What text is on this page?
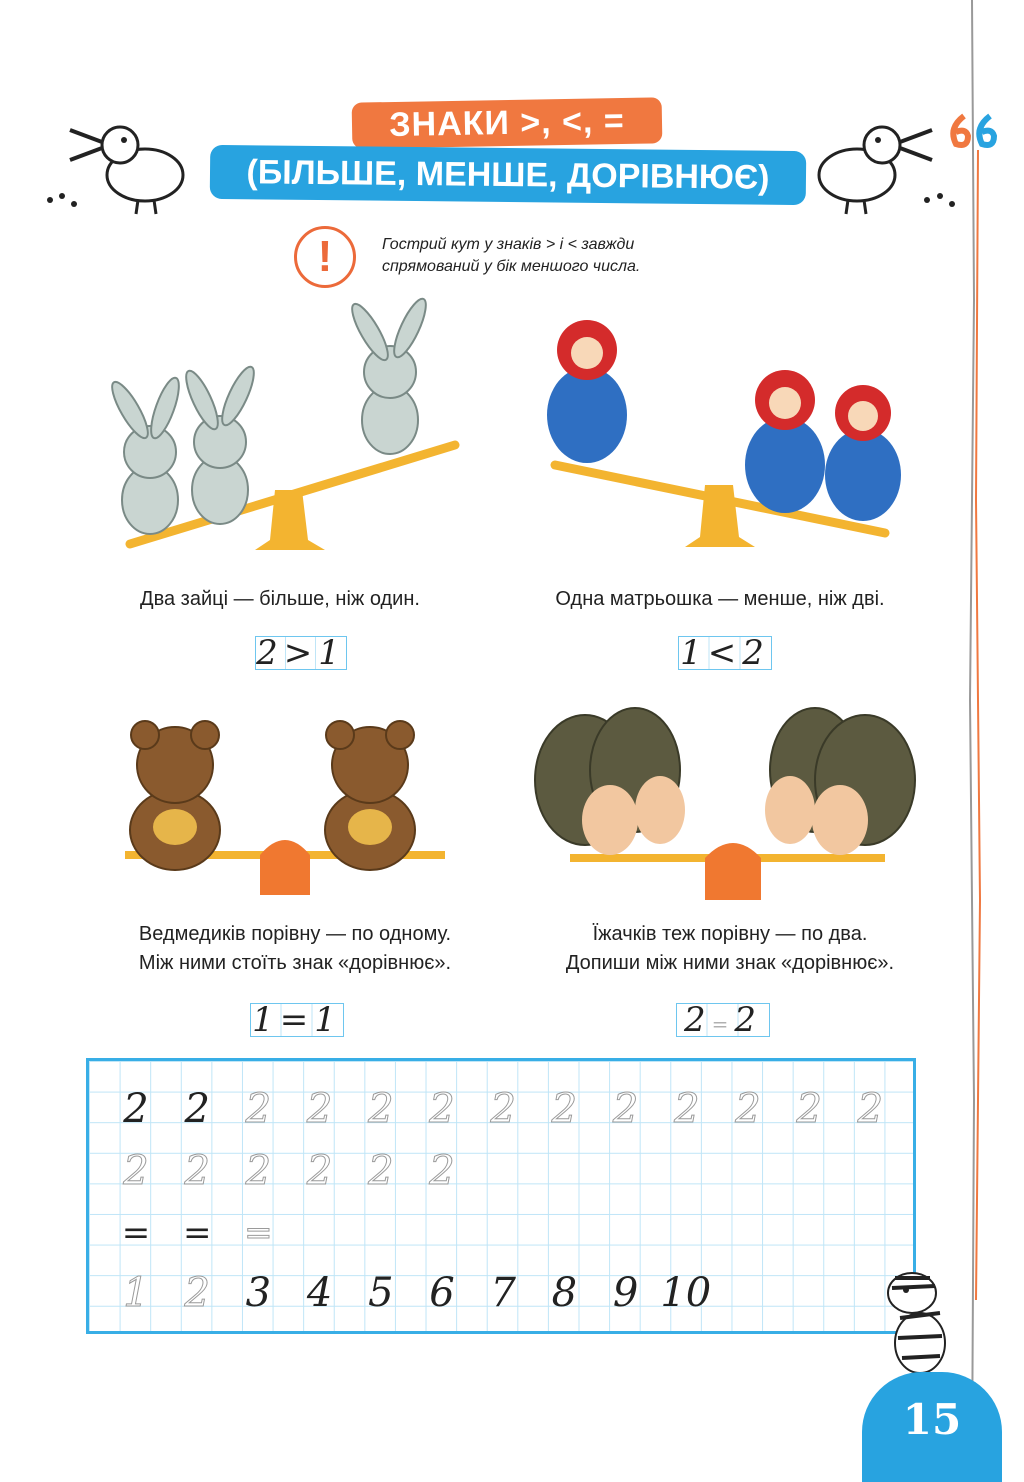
ЗНАКИ >, <, =
(БІЛЬШЕ, МЕНШЕ, ДОРІВНЮЄ)
!	Гострий кут у знаків > і < завжди
спрямований у бік меншого числа.
Два зайці — більше, ніж один.	Одна матрьошка — менше, ніж дві.
2>1	1<2
Ведмедиків порівну — по одному.
Між ними стоїть знак «дорівнює».
Їжачків теж порівну — по два.
Допиши між ними знак «дорівнює».
1=1	2=2
2 2 2 2 2 2 2 2 2 2 2 2 2
2 2 2 2 2 2
= = =
1 2 3 4 5 6 7 8 9 10
15
